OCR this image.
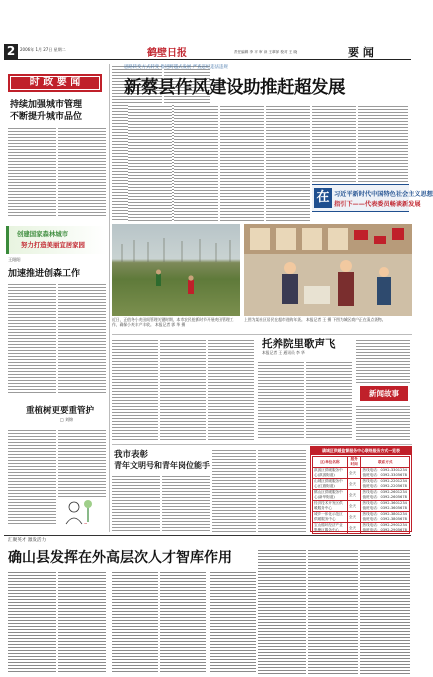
2	2006年 1月 27日 星期二	鹤壁日报	责任编辑 李 平 审 读 王翠萍 校对 王 晓	要 闻
时 政 要 闻
持续加强城市管理
不断提升城市品位
思路转变方式转变 推进跨越式发展 严查违纪违法违规
新蔡县作风建设助推赶超发展
在 习近平新时代中国特色社会主义思想
指引下——代表委员畅谈新发展
创建国家森林城市
努力打造美丽宜居家园
王阳阳
加速推进创森工作
重植树更要重管护
□ 刘锦
~
近日，正值冬小麦田间管理关键时期，本市农民抢抓时节开展麦田管理工作，确保小麦丰产丰收。 本报记者 郭 华 摄
上图为某社区居民在超市选购年货。 本报记者 王 摄 下图为城区商户正在清点货物。
托养院里歌声飞
本报记者 王 通讯员 李 华
新闻故事
我市表彰
青年文明号和青年岗位能手
确城区供暖监督服务中心联络服务方式一览表
区/单位名称	服务时间	联系方式
淇滨区供暖服务中心(淇滨街道)	全天	热线电话：0392-3301234 值班电话：0392-3305678
山城区供暖服务中心(红旗街道)	全天	热线电话：0392-2201234 值班电话：0392-2205678
鹤山区供暖服务中心(新华街道)	全天	热线电话：0392-2601234 值班电话：0392-2605678
经济技术开发区供暖服务中心	全天	热线电话：0392-3601234 值班电话：0392-3605678
城乡一体化示范区供暖服务中心	全天	热线电话：0392-3801234 值班电话：0392-3805678
宝山循环经济产业集聚区服务中心	全天	热线电话：0392-2901234 值班电话：0392-2905678
汇聚英才 激发活力
确山县发挥在外高层次人才智库作用
